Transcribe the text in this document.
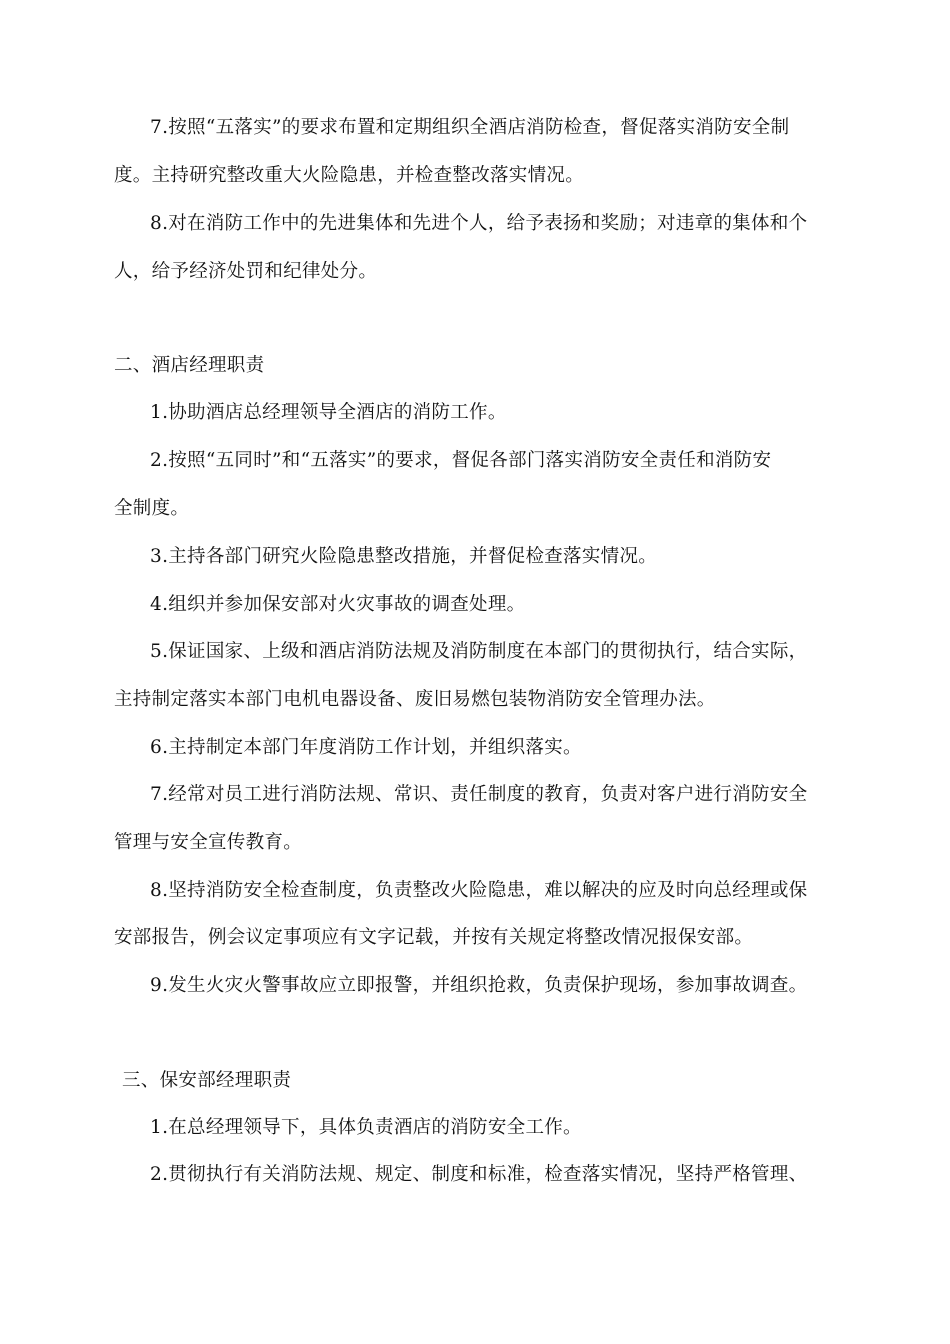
7.按照“五落实”的要求布置和定期组织全酒店消防检查，督促落实消防安全制
度。主持研究整改重大火险隐患，并检查整改落实情况。
8.对在消防工作中的先进集体和先进个人，给予表扬和奖励；对违章的集体和个
人，给予经济处罚和纪律处分。
二、酒店经理职责
1.协助酒店总经理领导全酒店的消防工作。
2.按照“五同时”和“五落实”的要求，督促各部门落实消防安全责任和消防安
全制度。
3.主持各部门研究火险隐患整改措施，并督促检查落实情况。
4.组织并参加保安部对火灾事故的调查处理。
5.保证国家、上级和酒店消防法规及消防制度在本部门的贯彻执行，结合实际，
主持制定落实本部门电机电器设备、废旧易燃包装物消防安全管理办法。
6.主持制定本部门年度消防工作计划，并组织落实。
7.经常对员工进行消防法规、常识、责任制度的教育，负责对客户进行消防安全
管理与安全宣传教育。
8.坚持消防安全检查制度，负责整改火险隐患，难以解决的应及时向总经理或保
安部报告，例会议定事项应有文字记载，并按有关规定将整改情况报保安部。
9.发生火灾火警事故应立即报警，并组织抢救，负责保护现场，参加事故调查。
三、保安部经理职责
1.在总经理领导下，具体负责酒店的消防安全工作。
2.贯彻执行有关消防法规、规定、制度和标准，检查落实情况，坚持严格管理、
